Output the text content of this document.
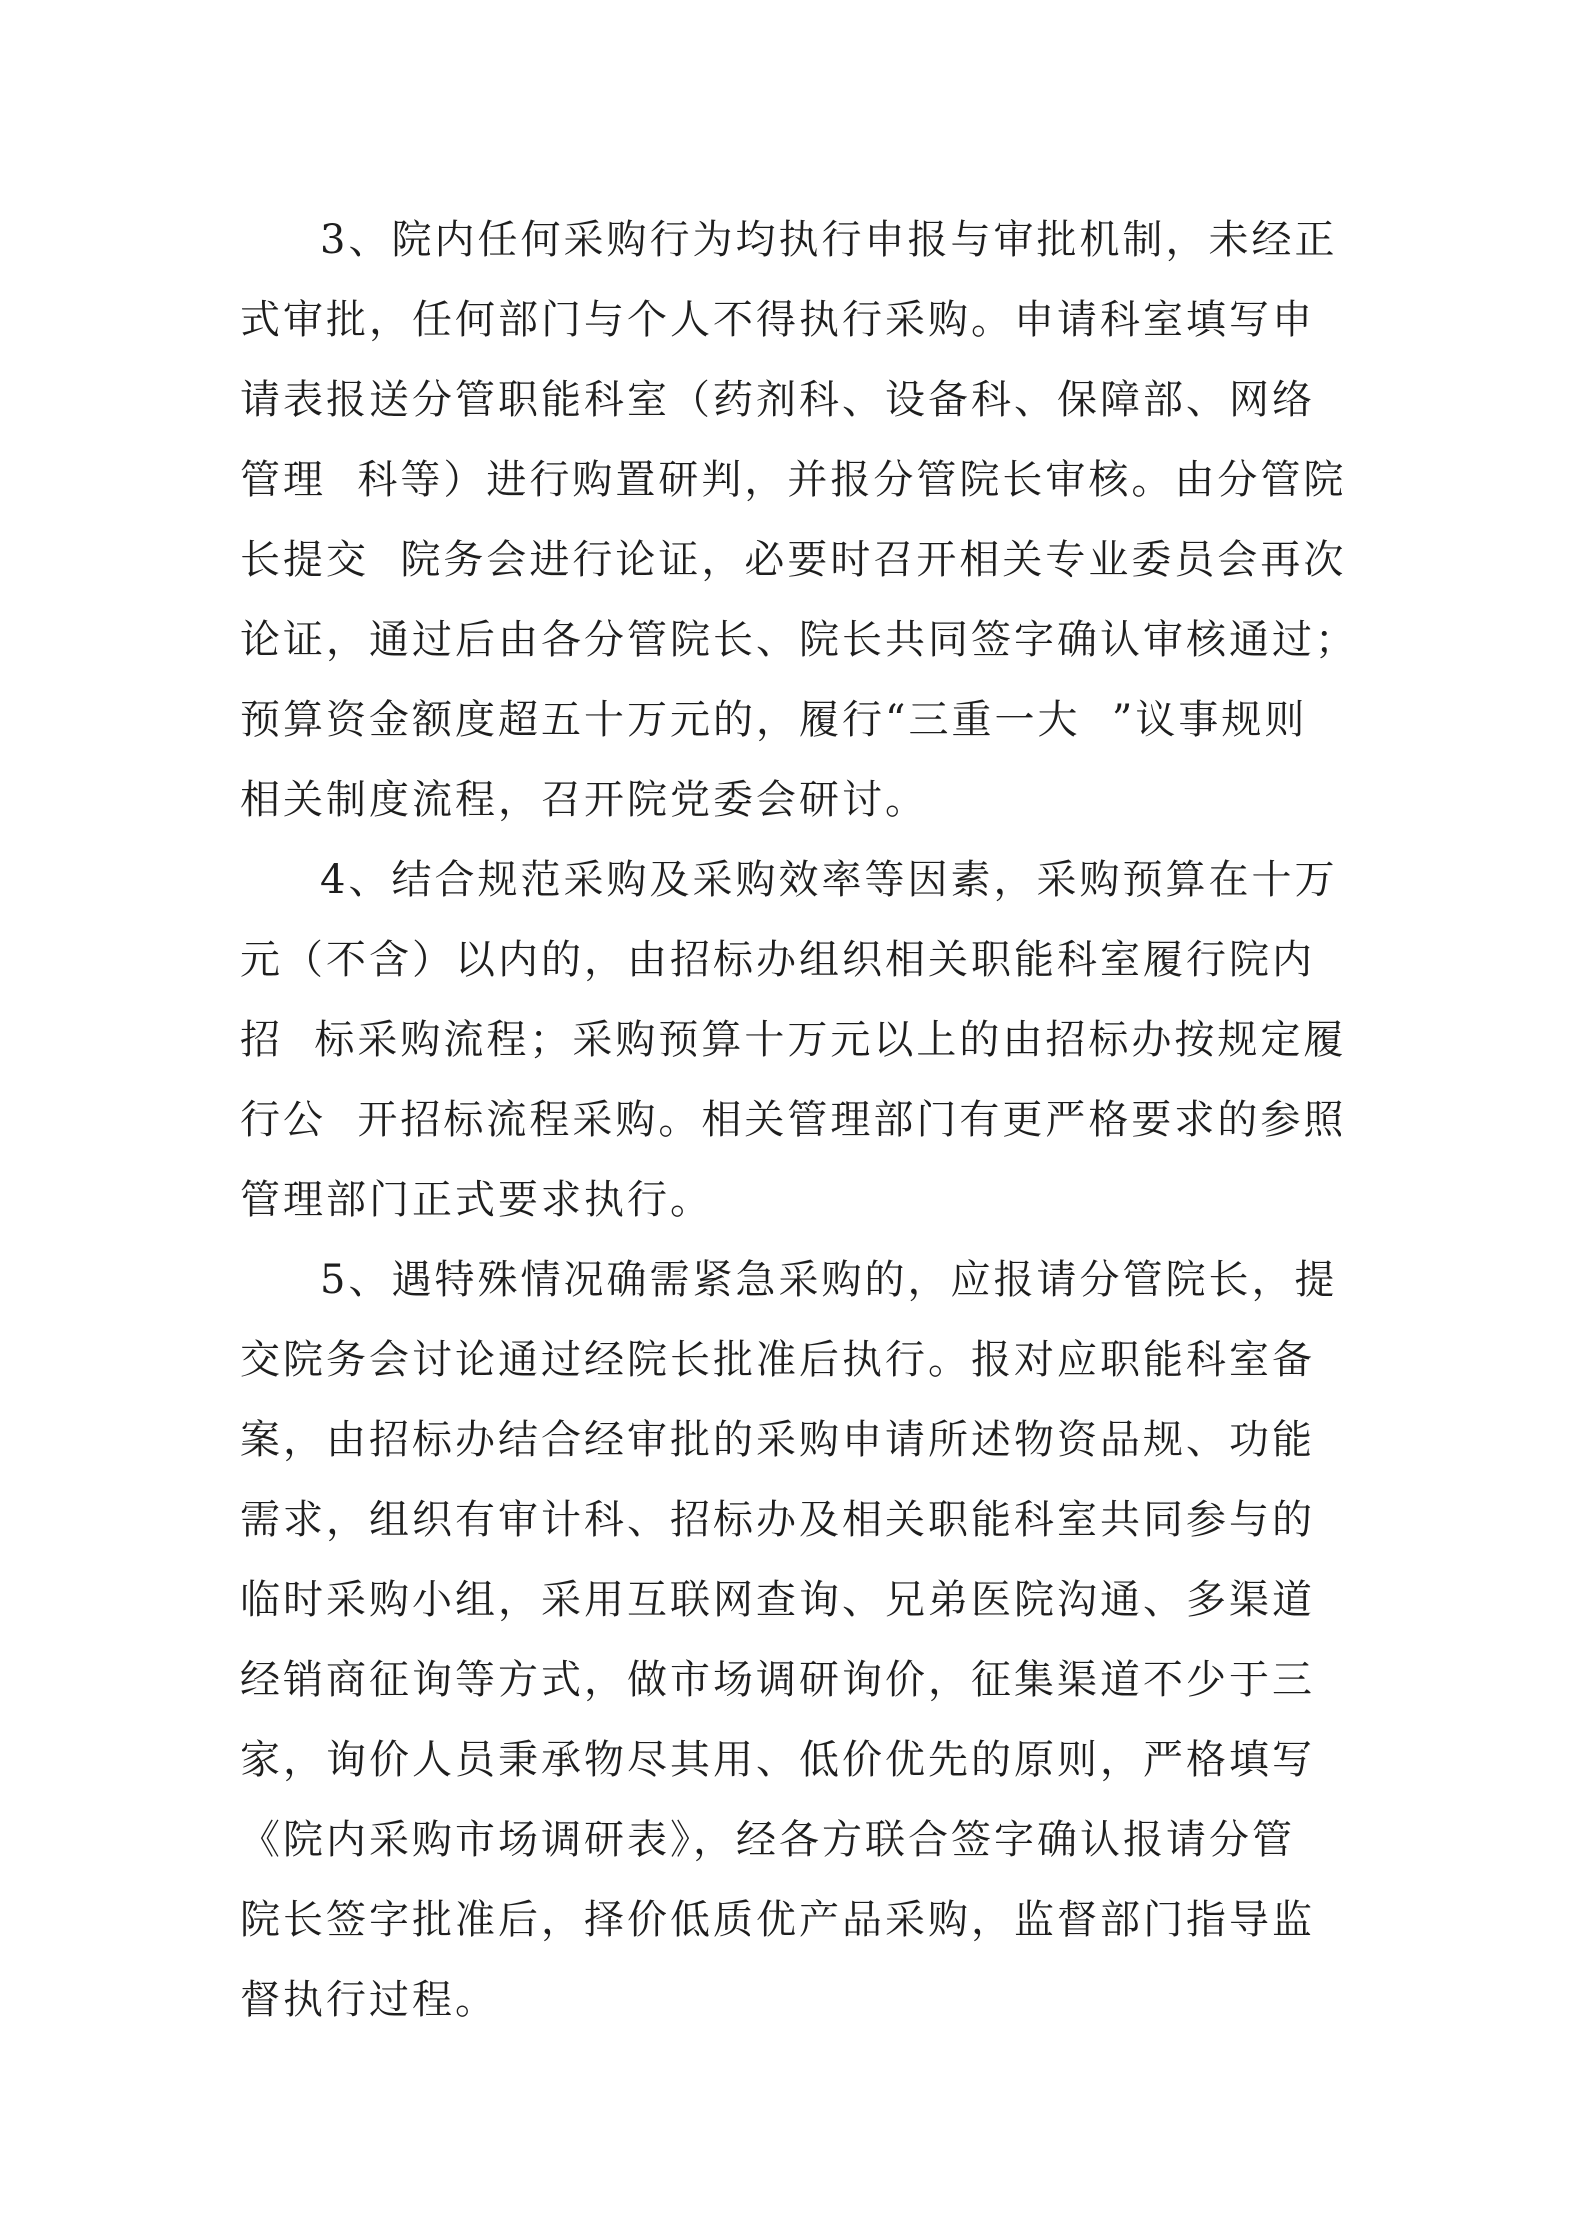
3、院内任何采购行为均执行申报与审批机制，未经正
式审批，任何部门与个人不得执行采购。申请科室填写申
请表报送分管职能科室（药剂科、设备科、保障部、网络
管理  科等）进行购置研判，并报分管院长审核。由分管院
长提交  院务会进行论证，必要时召开相关专业委员会再次
论证，通过后由各分管院长、院长共同签字确认审核通过；
预算资金额度超五十万元的，履行“三重一大  ”议事规则
相关制度流程，召开院党委会研讨。
4、结合规范采购及采购效率等因素，采购预算在十万
元（不含）以内的，由招标办组织相关职能科室履行院内
招  标采购流程；采购预算十万元以上的由招标办按规定履
行公  开招标流程采购。相关管理部门有更严格要求的参照
管理部门正式要求执行。
5、遇特殊情况确需紧急采购的，应报请分管院长，提
交院务会讨论通过经院长批准后执行。报对应职能科室备
案，由招标办结合经审批的采购申请所述物资品规、功能
需求，组织有审计科、招标办及相关职能科室共同参与的
临时采购小组，采用互联网查询、兄弟医院沟通、多渠道
经销商征询等方式，做市场调研询价，征集渠道不少于三
家，询价人员秉承物尽其用、低价优先的原则，严格填写
《院内采购市场调研表》，经各方联合签字确认报请分管
院长签字批准后，择价低质优产品采购，监督部门指导监
督执行过程。
